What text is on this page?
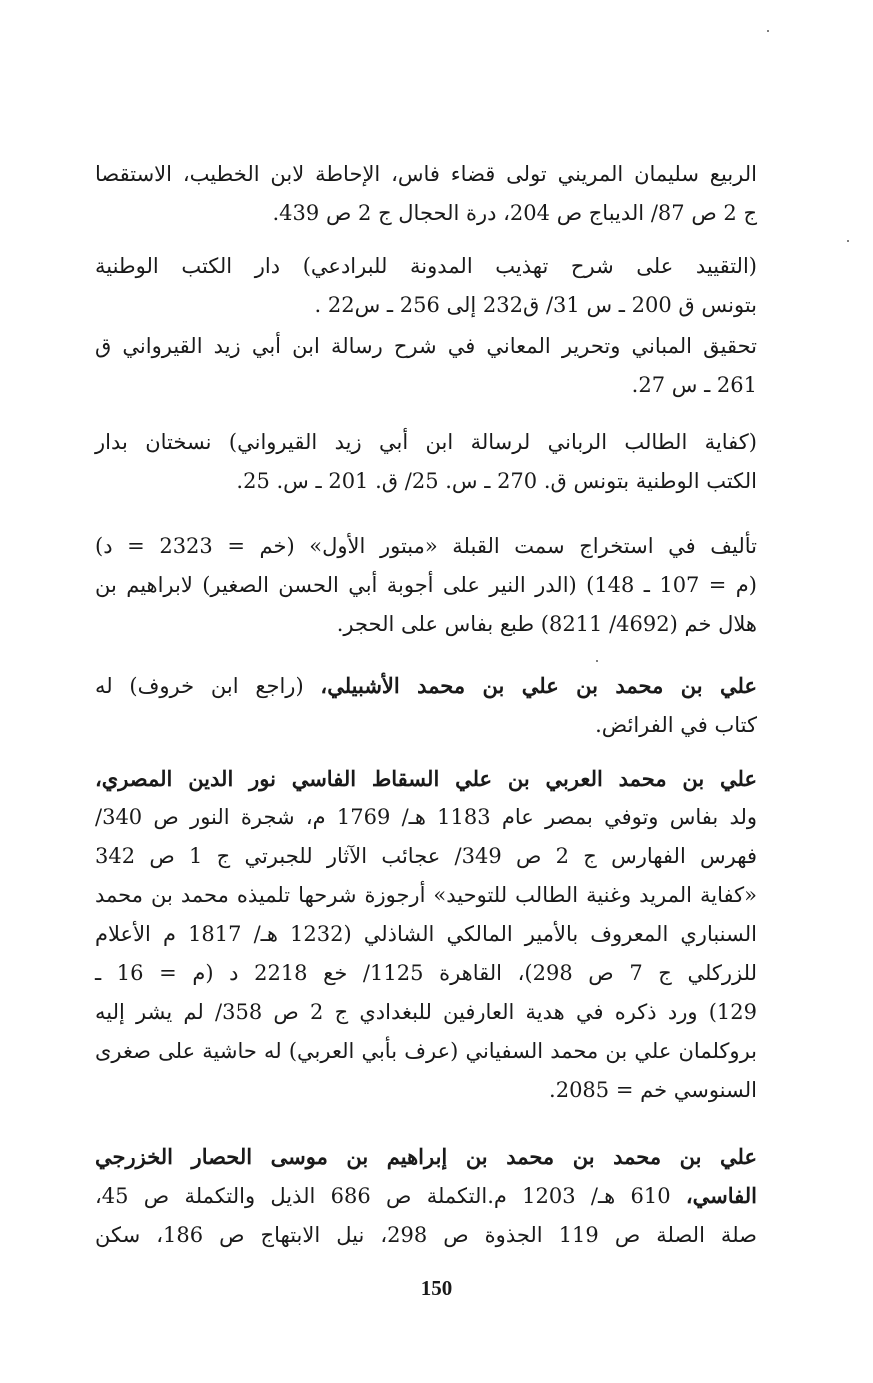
الربيع سليمان المريني تولى قضاء فاس، الإحاطة لابن الخطيب، الاستقصا
ج 2 ص 87/ الديباج ص 204، درة الحجال ج 2 ص 439.
(التقييد على شرح تهذيب المدونة للبرادعي) دار الكتب الوطنية
بتونس ق 200 ـ س 31/ ق232 إلى 256 ـ س22 .
تحقيق المباني وتحرير المعاني في شرح رسالة ابن أبي زيد القيرواني ق
261 ـ س 27.
(كفاية الطالب الرباني لرسالة ابن أبي زيد القيرواني) نسختان بدار
الكتب الوطنية بتونس ق. 270 ـ س. 25/ ق. 201 ـ س. 25.
تأليف في استخراج سمت القبلة «مبتور الأول» (خم = 2323 = د)
(م = 107 ـ 148) (الدر النير على أجوبة أبي الحسن الصغير) لابراهيم بن
هلال خم (4692/ 8211) طبع بفاس على الحجر.
علي بن محمد بن علي بن محمد الأشبيلي، (راجع ابن خروف) له
كتاب في الفرائض.
علي بن محمد العربي بن علي السقاط الفاسي نور الدين المصري،
ولد بفاس وتوفي بمصر عام 1183 هـ/ 1769 م، شجرة النور ص 340/
فهرس الفهارس ج 2 ص 349/ عجائب الآثار للجبرتي ج 1 ص 342
«كفاية المريد وغنية الطالب للتوحيد» أرجوزة شرحها تلميذه محمد بن محمد
السنباري المعروف بالأمير المالكي الشاذلي (1232 هـ/ 1817 م الأعلام
للزركلي ج 7 ص 298)، القاهرة 1125/ خع 2218 د (م = 16 ـ
129) ورد ذكره في هدية العارفين للبغدادي ج 2 ص 358/ لم يشر إليه
بروكلمان علي بن محمد السفياني (عرف بأبي العربي) له حاشية على صغرى
السنوسي خم = 2085.
علي بن محمد بن محمد بن إبراهيم بن موسى الحصار الخزرجي
الفاسي، 610 هـ/ 1203 م.التكملة ص 686 الذيل والتكملة ص 45،
صلة الصلة ص 119 الجذوة ص 298، نيل الابتهاج ص 186، سكن
150
